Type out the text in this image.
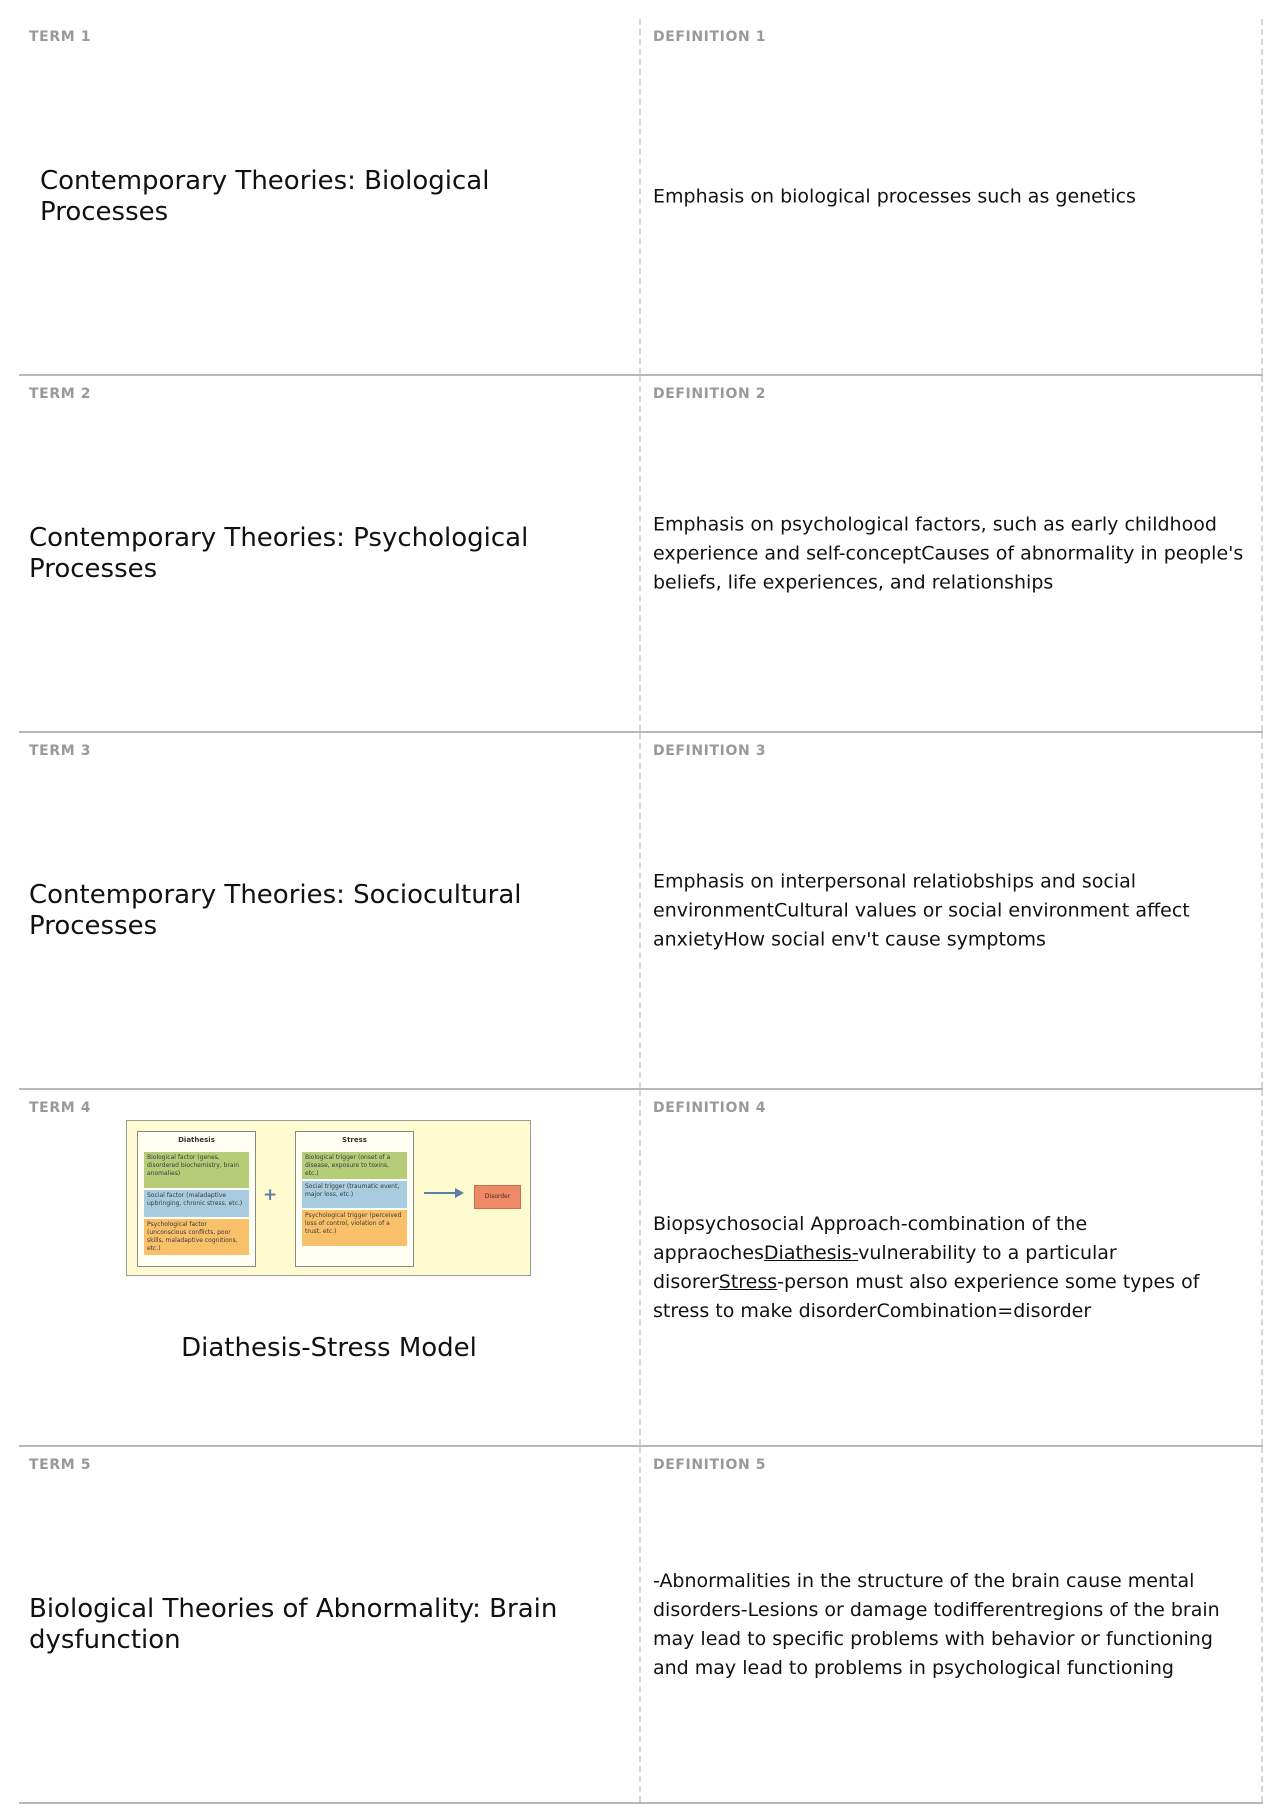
TERM 1
Contemporary Theories: Biological Processes
DEFINITION 1
Emphasis on biological processes such as genetics
TERM 2
Contemporary Theories: Psychological Processes
DEFINITION 2
Emphasis on psychological factors, such as early childhood experience and self-conceptCauses of abnormality in people's beliefs, life experiences, and relationships
TERM 3
Contemporary Theories: Sociocultural Processes
DEFINITION 3
Emphasis on interpersonal relatiobships and social environmentCultural values or social environment affect anxietyHow social env't cause symptoms
TERM 4
Diathesis
Biological factor (genes, disordered biochemistry, brain anomalies)
Social factor (maladaptive upbringing, chronic stress, etc.)
Psychological factor (unconscious conflicts, poor skills, maladaptive cognitions, etc.)
+
Stress
Biological trigger (onset of a disease, exposure to toxins, etc.)
Social trigger (traumatic event, major loss, etc.)
Psychological trigger (perceived loss of control, violation of a trust, etc.)
Disorder
Diathesis-Stress Model
DEFINITION 4
Biopsychosocial Approach-combination of the appraochesDiathesis-vulnerability to a particular disorerStress-person must also experience some types of stress to make disorderCombination=disorder
TERM 5
Biological Theories of Abnormality: Brain dysfunction
DEFINITION 5
-Abnormalities in the structure of the brain cause mental disorders-Lesions or damage todifferentregions of the brain may lead to specific problems with behavior or functioning and may lead to problems in psychological functioning
